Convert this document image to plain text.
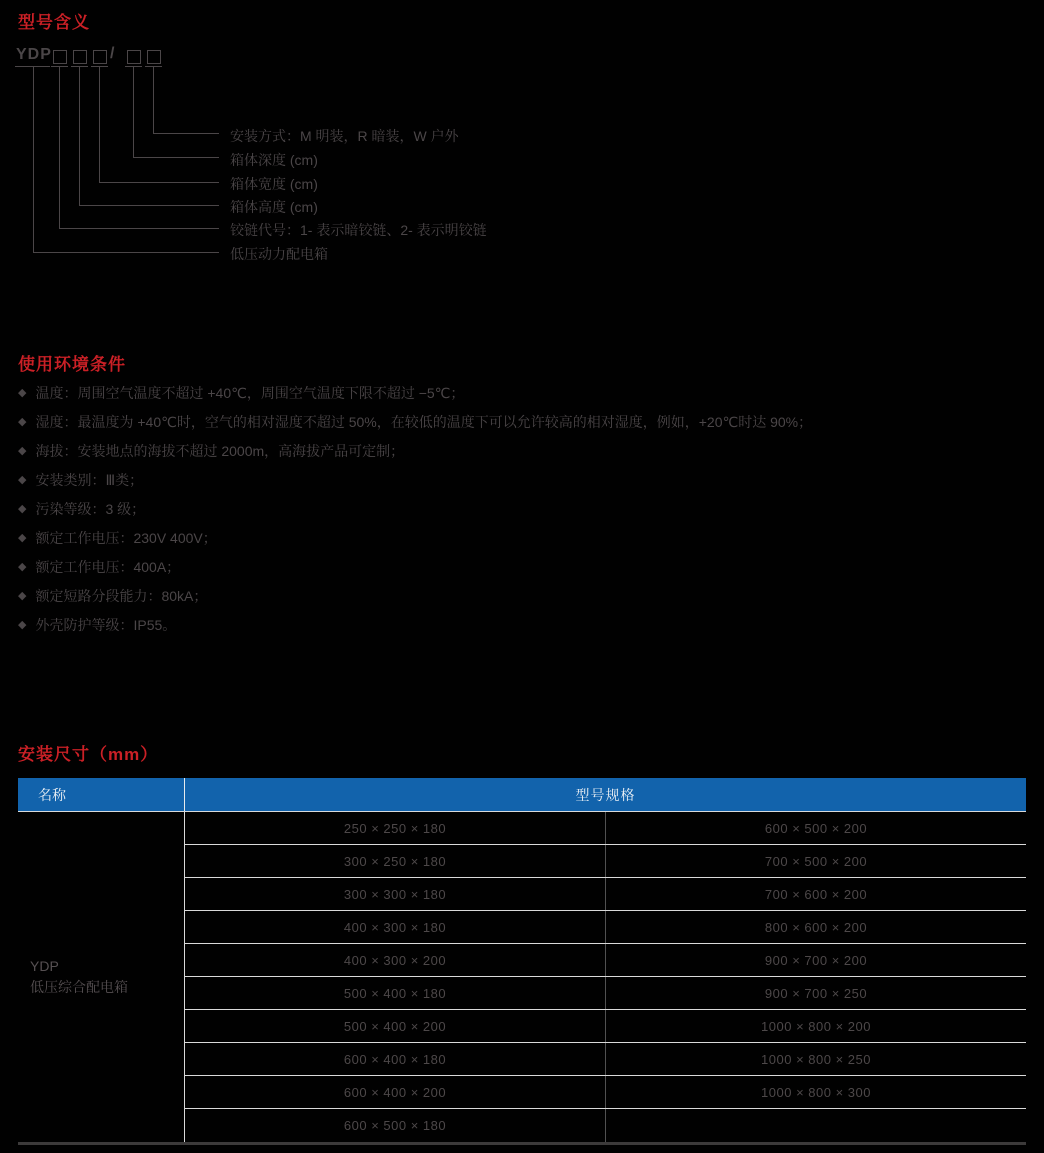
型号含义
YDP	/
安装方式：M 明装，R 暗装，W 户外
箱体深度 (cm)
箱体宽度 (cm)
箱体高度 (cm)
铰链代号：1- 表示暗铰链、2- 表示明铰链
低压动力配电箱
使用环境条件
◆ 温度：周围空气温度不超过 +40℃，周围空气温度下限不超过 −5℃；
◆ 湿度：最温度为 +40℃时，空气的相对湿度不超过 50%，在较低的温度下可以允许较高的相对湿度，例如，+20℃时达 90%；
◆ 海拔：安装地点的海拔不超过 2000m，高海拔产品可定制；
◆ 安装类别：Ⅲ类；
◆ 污染等级：3 级；
◆ 额定工作电压：230V 400V；
◆ 额定工作电压：400A；
◆ 额定短路分段能力：80kA；
◆ 外壳防护等级：IP55。
安装尺寸（mm）
名称	型号规格
YDP
低压综合配电箱
250 × 250 × 180	600 × 500 × 200
300 × 250 × 180	700 × 500 × 200
300 × 300 × 180	700 × 600 × 200
400 × 300 × 180	800 × 600 × 200
400 × 300 × 200	900 × 700 × 200
500 × 400 × 180	900 × 700 × 250
500 × 400 × 200	1000 × 800 × 200
600 × 400 × 180	1000 × 800 × 250
600 × 400 × 200	1000 × 800 × 300
600 × 500 × 180
